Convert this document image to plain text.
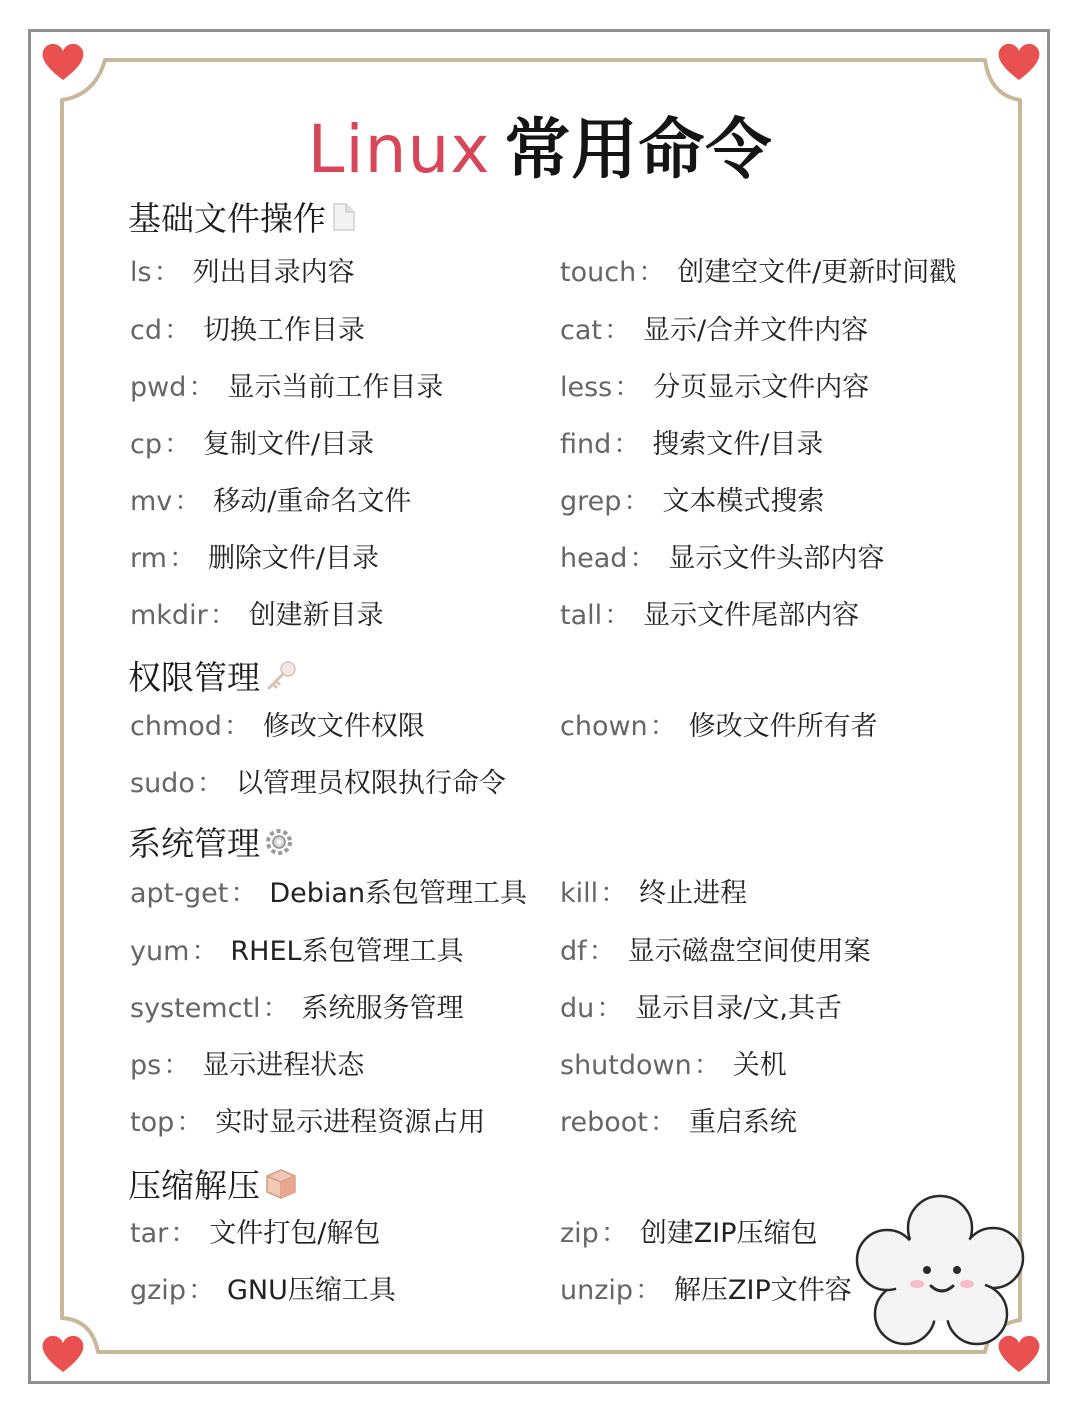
Linux 常用命令
基础文件操作
ls： 列出目录内容	touch： 创建空文件/更新时间戳
cd： 切换工作目录	cat： 显示/合并文件内容
pwd： 显示当前工作目录	less： 分页显示文件内容
cp： 复制文件/目录	find： 搜索文件/目录
mv： 移动/重命名文件	grep： 文本模式搜索
rm： 删除文件/目录	head： 显示文件头部内容
mkdir： 创建新目录	tall： 显示文件尾部内容
权限管理
chmod： 修改文件权限	chown： 修改文件所有者
sudo： 以管理员权限执行命令
系统管理
apt-get： Debian系包管理工具 kill： 终止进程
yum： RHEL系包管理工具	df： 显示磁盘空间使用案
systemctl： 系统服务管理	du： 显示目录/文,其舌
ps： 显示进程状态	shutdown： 关机
top： 实时显示进程资源占用	reboot： 重启系统
压缩解压
tar： 文件打包/解包	zip： 创建ZIP压缩包
gzip： GNU压缩工具	unzip： 解压ZIP文件容
